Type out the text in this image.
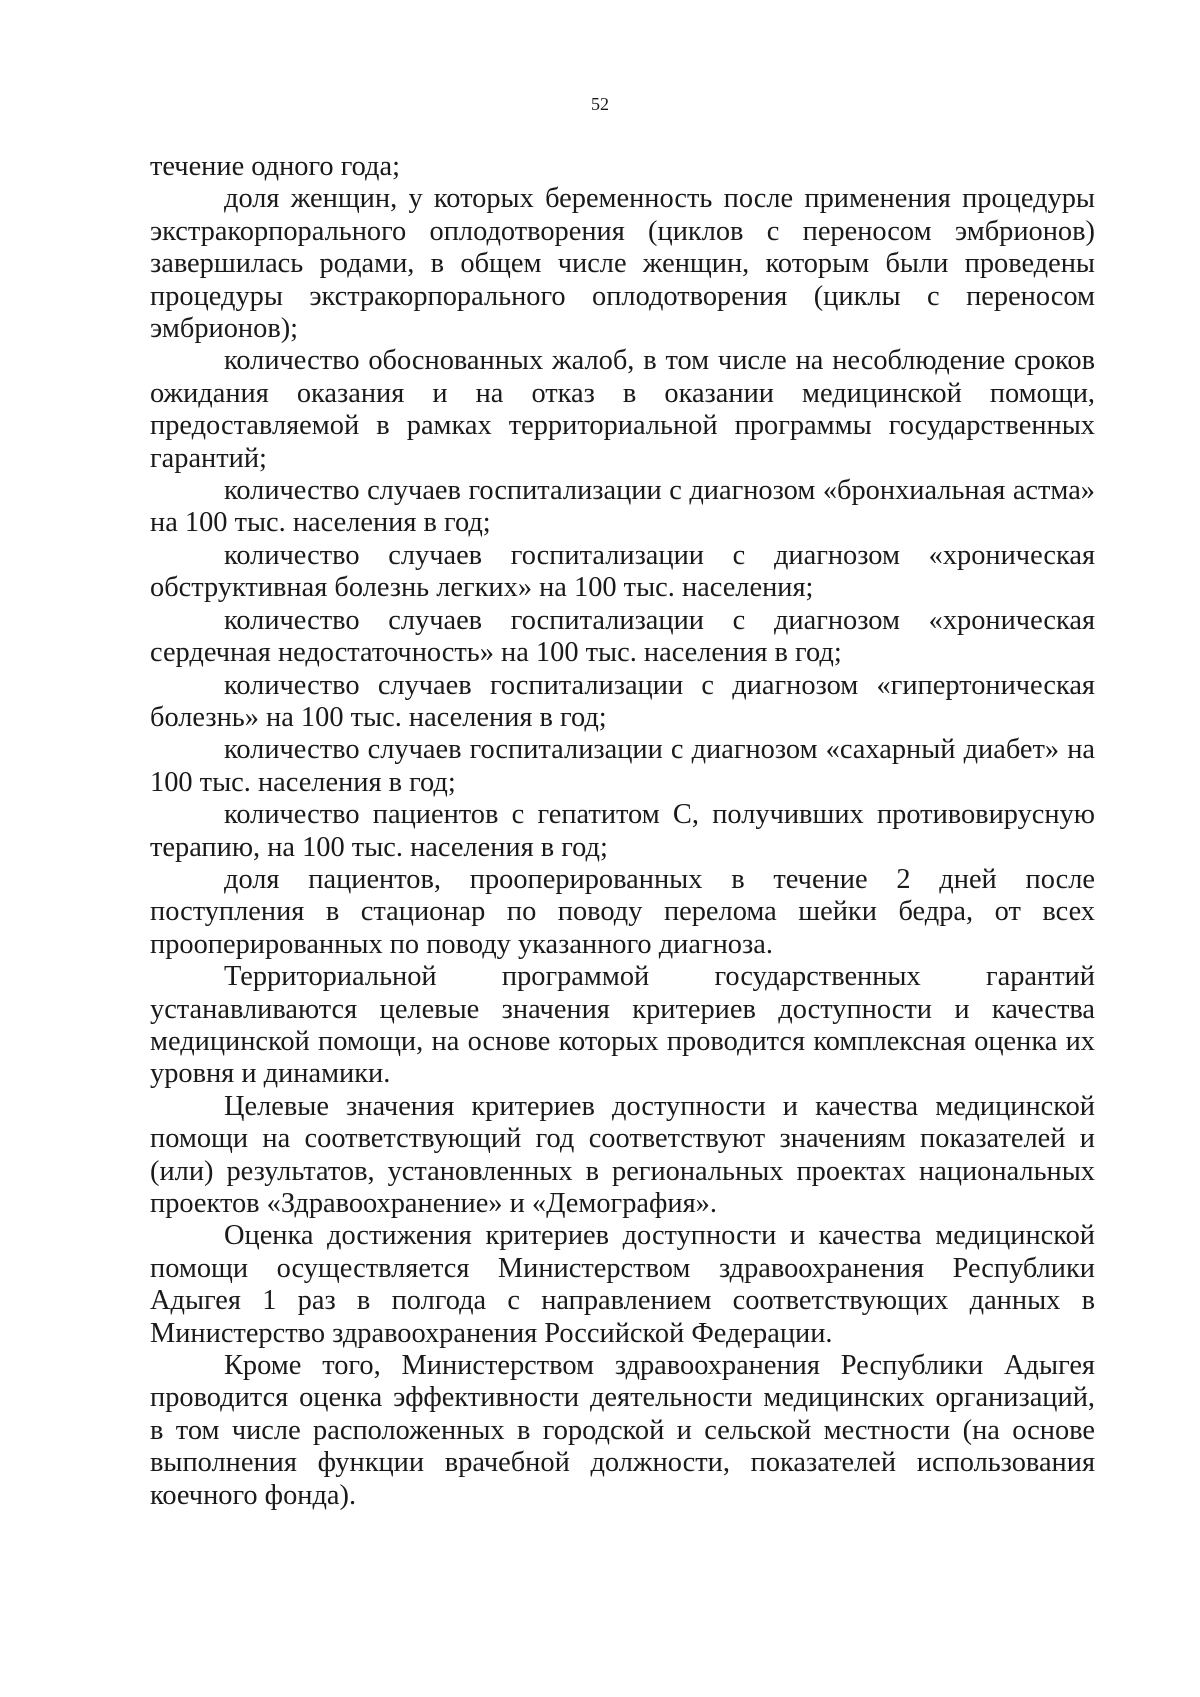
52

течение одного года;

доля женщин, у которых беременность после применения процедуры экстракорпорального оплодотворения (циклов с переносом эмбрионов) завершилась родами, в общем числе женщин, которым были проведены процедуры экстракорпорального оплодотворения (циклы с переносом эмбрионов);

количество обоснованных жалоб, в том числе на несоблюдение сроков ожидания оказания и на отказ в оказании медицинской помощи, предоставляемой в рамках территориальной программы государственных гарантий;

количество случаев госпитализации с диагнозом «бронхиальная астма» на 100 тыс. населения в год;

количество случаев госпитализации с диагнозом «хроническая обструктивная болезнь легких» на 100 тыс. населения;

количество случаев госпитализации с диагнозом «хроническая сердечная недостаточность» на 100 тыс. населения в год;

количество случаев госпитализации с диагнозом «гипертоническая болезнь» на 100 тыс. населения в год;

количество случаев госпитализации с диагнозом «сахарный диабет» на 100 тыс. населения в год;

количество пациентов с гепатитом С, получивших противовирусную терапию, на 100 тыс. населения в год;

доля пациентов, прооперированных в течение 2 дней после поступления в стационар по поводу перелома шейки бедра, от всех прооперированных по поводу указанного диагноза.

Территориальной программой государственных гарантий устанавливаются целевые значения критериев доступности и качества медицинской помощи, на основе которых проводится комплексная оценка их уровня и динамики.

Целевые значения критериев доступности и качества медицинской помощи на соответствующий год соответствуют значениям показателей и (или) результатов, установленных в региональных проектах национальных проектов «Здравоохранение» и «Демография».

Оценка достижения критериев доступности и качества медицинской помощи осуществляется Министерством здравоохранения Республики Адыгея 1 раз в полгода с направлением соответствующих данных в Министерство здравоохранения Российской Федерации.

Кроме того, Министерством здравоохранения Республики Адыгея проводится оценка эффективности деятельности медицинских организаций, в том числе расположенных в городской и сельской местности (на основе выполнения функции врачебной должности, показателей использования коечного фонда).
